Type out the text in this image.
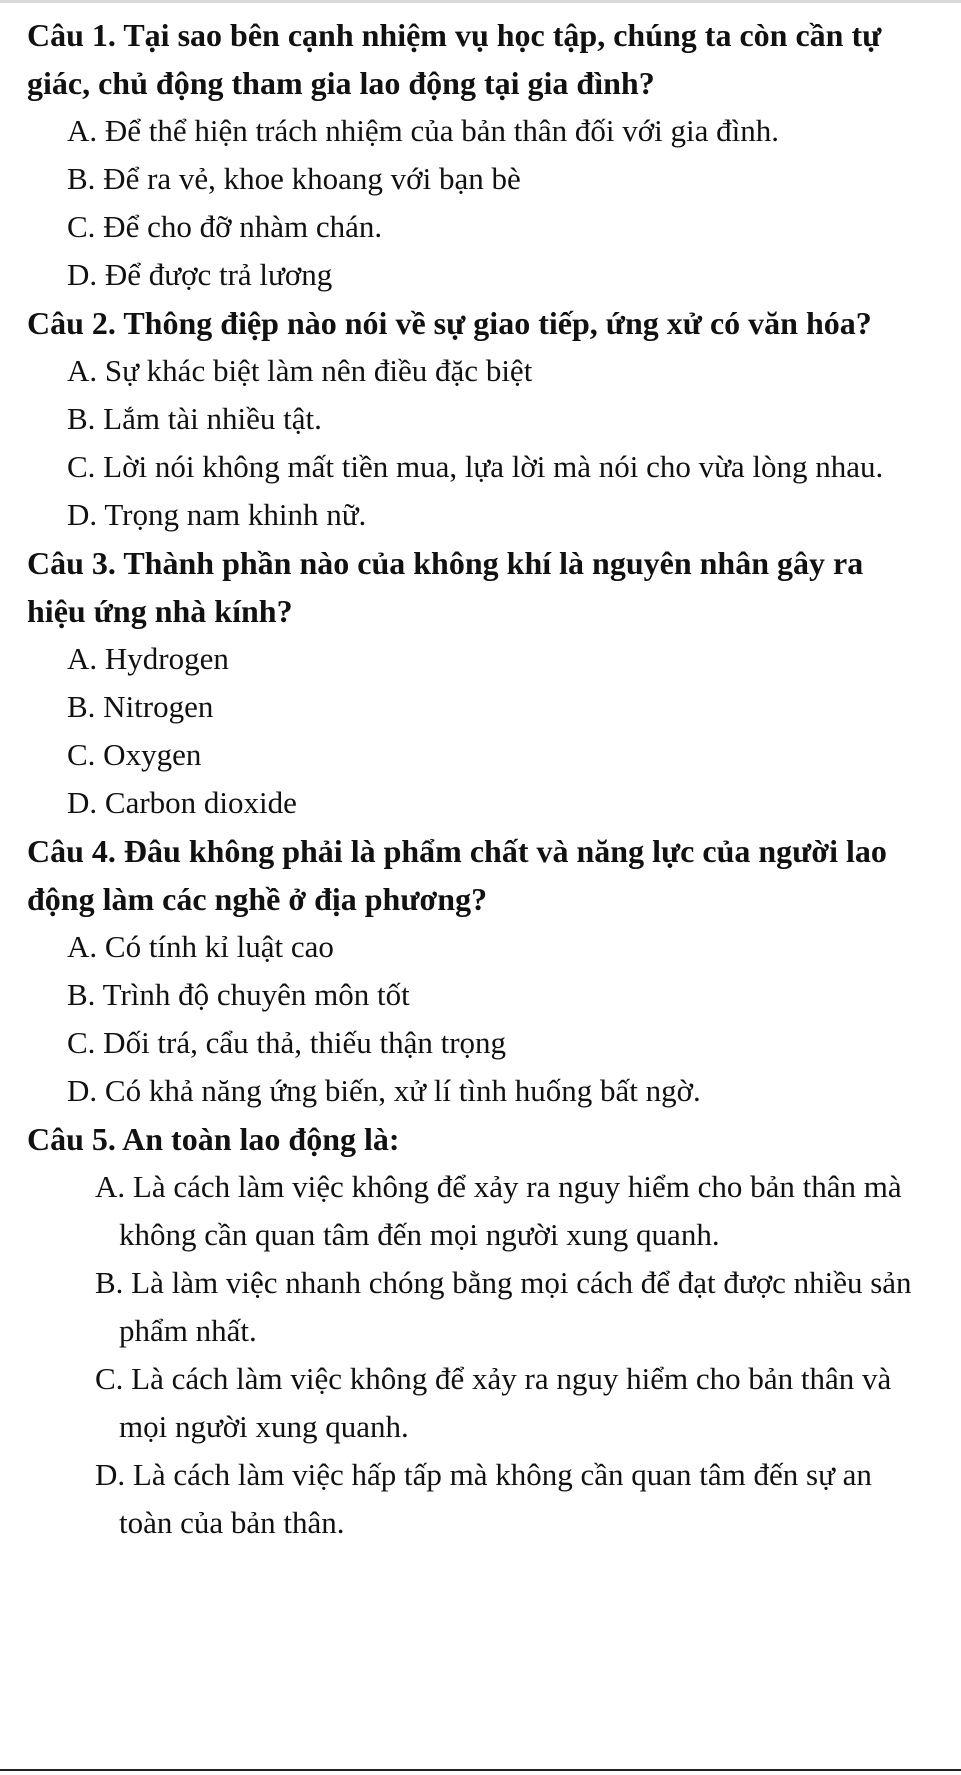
Câu 1. Tại sao bên cạnh nhiệm vụ học tập, chúng ta còn cần tự giác, chủ động tham gia lao động tại gia đình?

A. Để thể hiện trách nhiệm của bản thân đối với gia đình.
B. Để ra vẻ, khoe khoang với bạn bè
C. Để cho đỡ nhàm chán.
D. Để được trả lương

Câu 2. Thông điệp nào nói về sự giao tiếp, ứng xử có văn hóa?

A. Sự khác biệt làm nên điều đặc biệt
B. Lắm tài nhiều tật.
C. Lời nói không mất tiền mua, lựa lời mà nói cho vừa lòng nhau.
D. Trọng nam khinh nữ.

Câu 3. Thành phần nào của không khí là nguyên nhân gây ra hiệu ứng nhà kính?

A. Hydrogen
B. Nitrogen
C. Oxygen
D. Carbon dioxide

Câu 4. Đâu không phải là phẩm chất và năng lực của người lao động làm các nghề ở địa phương?

A. Có tính kỉ luật cao
B. Trình độ chuyên môn tốt
C. Dối trá, cẩu thả, thiếu thận trọng
D. Có khả năng ứng biến, xử lí tình huống bất ngờ.

Câu 5. An toàn lao động là:

A. Là cách làm việc không để xảy ra nguy hiểm cho bản thân mà không cần quan tâm đến mọi người xung quanh.
B. Là làm việc nhanh chóng bằng mọi cách để đạt được nhiều sản phẩm nhất.
C. Là cách làm việc không để xảy ra nguy hiểm cho bản thân và mọi người xung quanh.
D. Là cách làm việc hấp tấp mà không cần quan tâm đến sự an toàn của bản thân.
